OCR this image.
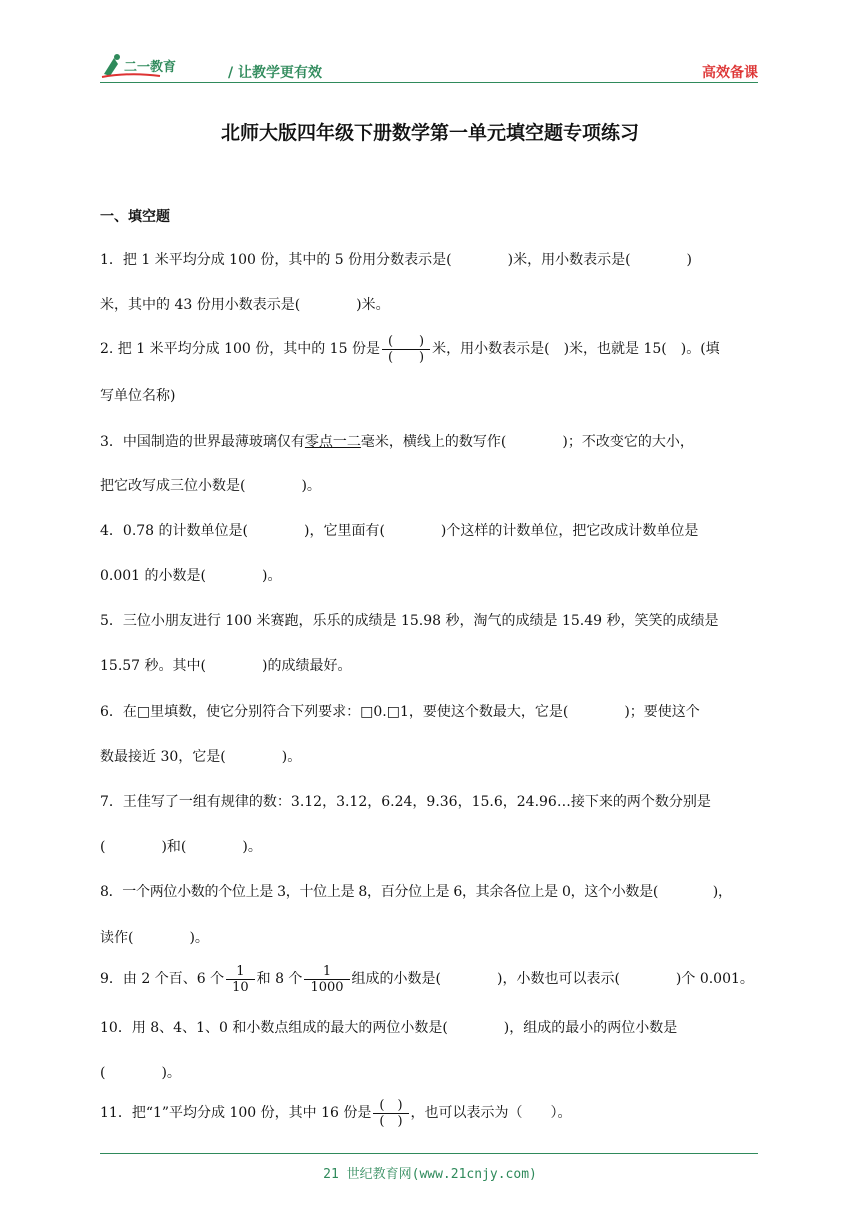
二一教育	/ 让教学更有效	高效备课
北师大版四年级下册数学第一单元填空题专项练习
一、填空题
1．把 1 米平均分成 100 份，其中的 5 份用分数表示是(　　　　)米，用小数表示是(　　　　)
米，其中的 43 份用小数表示是(　　　　)米。
2. 把 1 米平均分成 100 份，其中的 15 份是 $\frac{( )}{( )}$ 米，用小数表示是(　)米，也就是 15(　)。(填
写单位名称)
3．中国制造的世界最薄玻璃仅有零点一二毫米，横线上的数写作(　　　　)；不改变它的大小，
把它改写成三位小数是(　　　　)。
4．0.78 的计数单位是(　　　　)，它里面有(　　　　)个这样的计数单位，把它改成计数单位是
0.001 的小数是(　　　　)。
5．三位小朋友进行 100 米赛跑，乐乐的成绩是 15.98 秒，淘气的成绩是 15.49 秒，笑笑的成绩是
15.57 秒。其中(　　　　)的成绩最好。
6．在□里填数，使它分别符合下列要求：□0.□1，要使这个数最大，它是(　　　　)；要使这个
数最接近 30，它是(　　　　)。
7．王佳写了一组有规律的数：3.12，3.12，6.24，9.36，15.6，24.96…接下来的两个数分别是
(　　　　)和(　　　　)。
8．一个两位小数的个位上是 3，十位上是 8，百分位上是 6，其余各位上是 0，这个小数是(　　　　)，
读作(　　　　)。
9．由 2 个百、6 个 $\frac{1}{10}$ 和 8 个 $\frac{1}{1000}$ 组成的小数是(　　　　)，小数也可以表示(　　　　)个 0.001。
10．用 8、4、1、0 和小数点组成的最大的两位小数是(　　　　)，组成的最小的两位小数是
(　　　　)。
11．把“1”平均分成 100 份，其中 16 份是 $\frac{( )}{( )}$ ，也可以表示为（　　）。
21 世纪教育网(www.21cnjy.com)
